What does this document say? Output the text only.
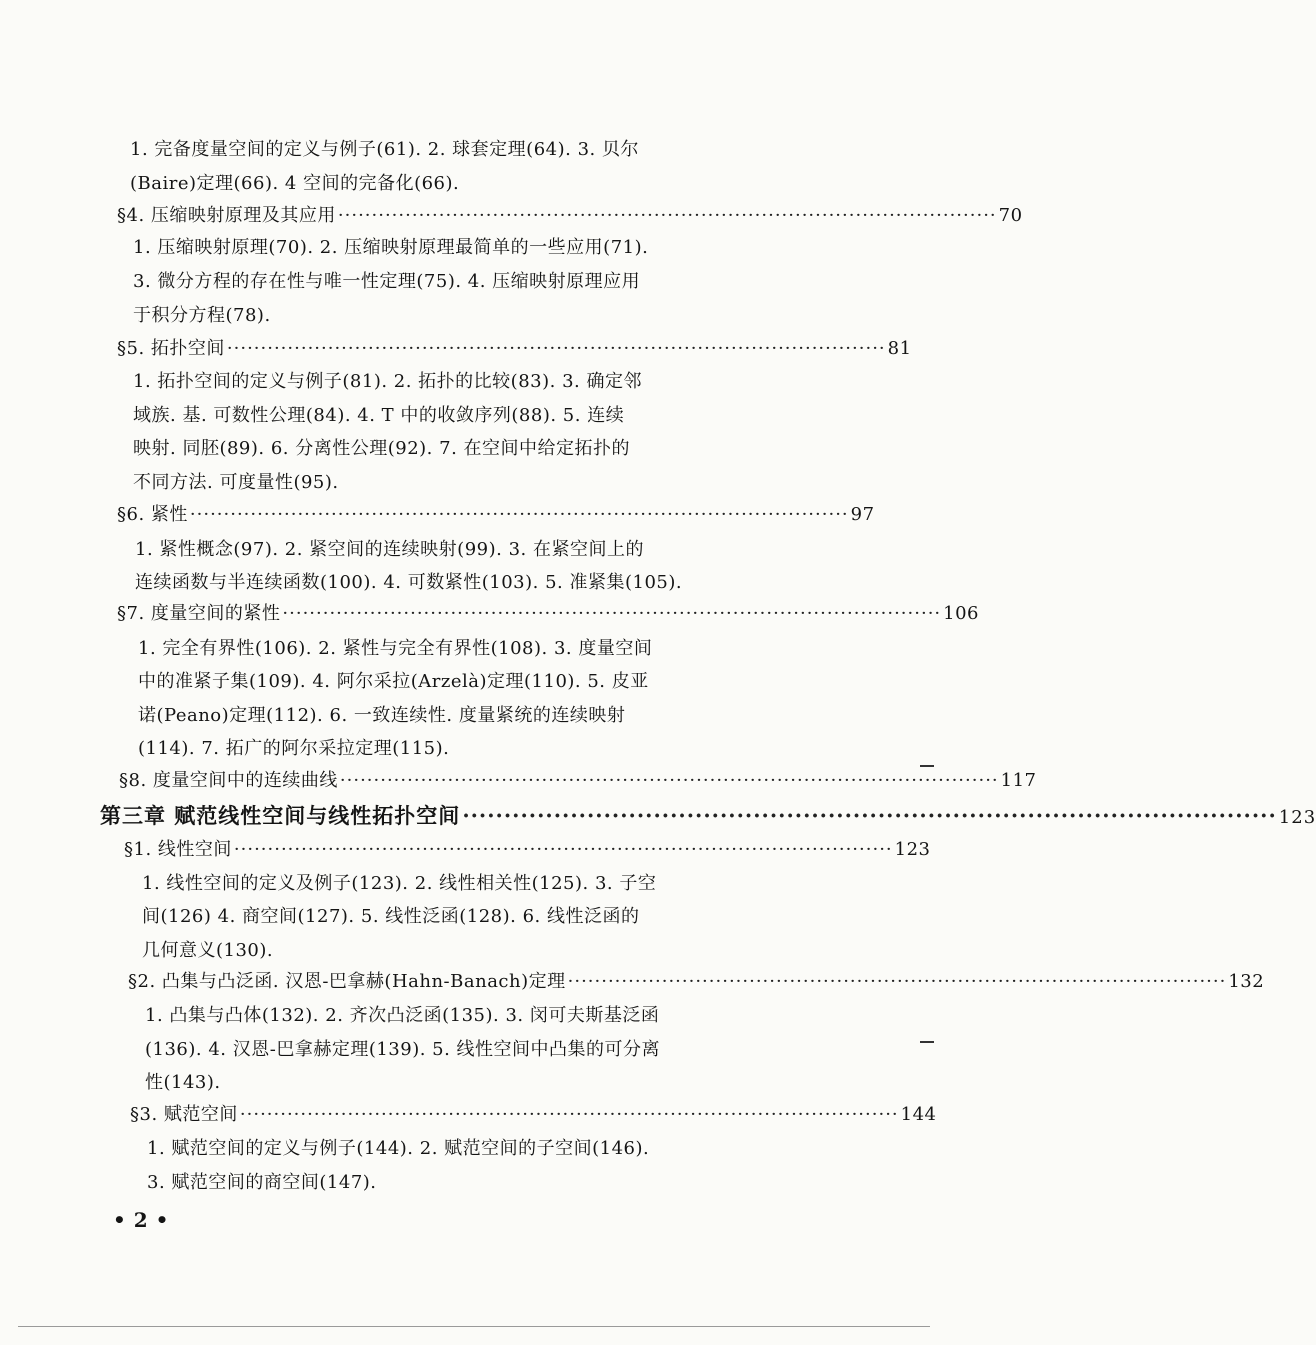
1. 完备度量空间的定义与例子(61). 2. 球套定理(64). 3. 贝尔
(Baire)定理(66). 4 空间的完备化(66).
§4. 压缩映射原理及其应用 ·································································································· 70
1. 压缩映射原理(70). 2. 压缩映射原理最简单的一些应用(71).
3. 微分方程的存在性与唯一性定理(75). 4. 压缩映射原理应用
于积分方程(78).
§5. 拓扑空间 ·································································································· 81
1. 拓扑空间的定义与例子(81). 2. 拓扑的比较(83). 3. 确定邻
域族. 基. 可数性公理(84). 4. T 中的收敛序列(88). 5. 连续
映射. 同胚(89). 6. 分离性公理(92). 7. 在空间中给定拓扑的
不同方法. 可度量性(95).
§6. 紧性 ·································································································· 97
1. 紧性概念(97). 2. 紧空间的连续映射(99). 3. 在紧空间上的
连续函数与半连续函数(100). 4. 可数紧性(103). 5. 准紧集(105).
§7. 度量空间的紧性 ·································································································· 106
1. 完全有界性(106). 2. 紧性与完全有界性(108). 3. 度量空间
中的准紧子集(109). 4. 阿尔采拉(Arzelà)定理(110). 5. 皮亚
诺(Peano)定理(112). 6. 一致连续性. 度量紧统的连续映射
(114). 7. 拓广的阿尔采拉定理(115).
§8. 度量空间中的连续曲线 ·································································································· 117
第三章 赋范线性空间与线性拓扑空间 ·································································································· 123
§1. 线性空间 ·································································································· 123
1. 线性空间的定义及例子(123). 2. 线性相关性(125). 3. 子空
间(126) 4. 商空间(127). 5. 线性泛函(128). 6. 线性泛函的
几何意义(130).
§2. 凸集与凸泛函. 汉恩-巴拿赫(Hahn-Banach)定理 ·································································································· 132
1. 凸集与凸体(132). 2. 齐次凸泛函(135). 3. 闵可夫斯基泛函
(136). 4. 汉恩-巴拿赫定理(139). 5. 线性空间中凸集的可分离
性(143).
§3. 赋范空间 ·································································································· 144
1. 赋范空间的定义与例子(144). 2. 赋范空间的子空间(146).
3. 赋范空间的商空间(147).
• 2 •
